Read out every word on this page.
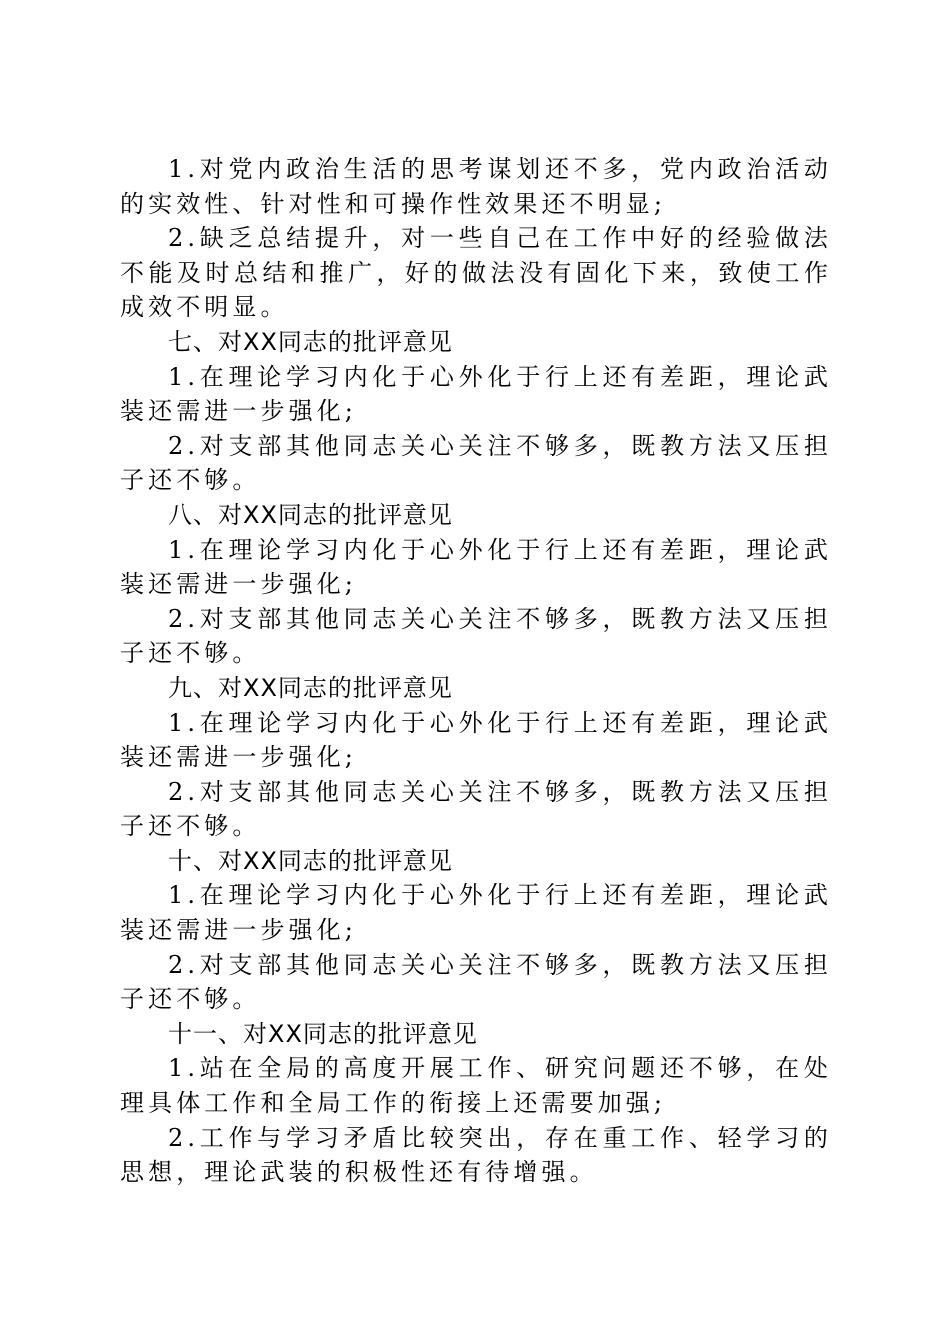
1.对党内政治生活的思考谋划还不多，党内政治活动的实效性、针对性和可操作性效果还不明显;

2.缺乏总结提升，对一些自己在工作中好的经验做法不能及时总结和推广，好的做法没有固化下来，致使工作成效不明显。

七、对XX同志的批评意见

1.在理论学习内化于心外化于行上还有差距，理论武装还需进一步强化;

2.对支部其他同志关心关注不够多，既教方法又压担子还不够。

八、对XX同志的批评意见

1.在理论学习内化于心外化于行上还有差距，理论武装还需进一步强化;

2.对支部其他同志关心关注不够多，既教方法又压担子还不够。

九、对XX同志的批评意见

1.在理论学习内化于心外化于行上还有差距，理论武装还需进一步强化;

2.对支部其他同志关心关注不够多，既教方法又压担子还不够。

十、对XX同志的批评意见

1.在理论学习内化于心外化于行上还有差距，理论武装还需进一步强化;

2.对支部其他同志关心关注不够多，既教方法又压担子还不够。

十一、对XX同志的批评意见

1.站在全局的高度开展工作、研究问题还不够，在处理具体工作和全局工作的衔接上还需要加强;

2.工作与学习矛盾比较突出，存在重工作、轻学习的思想，理论武装的积极性还有待增强。
